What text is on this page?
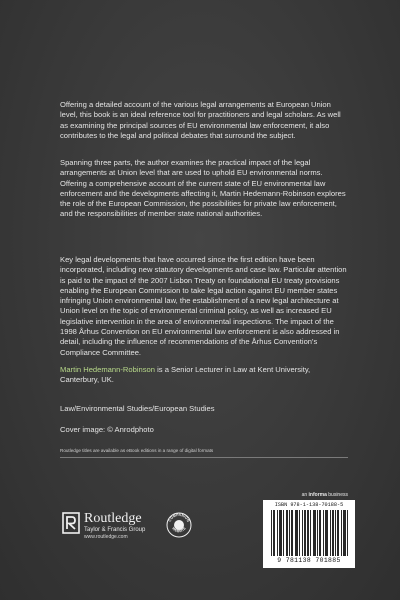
Offering a detailed account of the various legal arrangements at European Union level, this book is an ideal reference tool for practitioners and legal scholars. As well as examining the principal sources of EU environmental law enforcement, it also contributes to the legal and political debates that surround the subject.
Spanning three parts, the author examines the practical impact of the legal arrangements at Union level that are used to uphold EU environmental norms. Offering a comprehensive account of the current state of EU environmental law enforcement and the developments affecting it, Martin Hedemann-Robinson explores the role of the European Commission, the possibilities for private law enforcement, and the responsibilities of member state national authorities.
Key legal developments that have occurred since the first edition have been incorporated, including new statutory developments and case law. Particular attention is paid to the impact of the 2007 Lisbon Treaty on foundational EU treaty provisions enabling the European Commission to take legal action against EU member states infringing Union environmental law, the establishment of a new legal architecture at Union level on the topic of environmental criminal policy, as well as increased EU legislative intervention in the area of environmental inspections. The impact of the 1998 Århus Convention on EU environmental law enforcement is also addressed in detail, including the influence of recommendations of the Århus Convention's Compliance Committee.
Martin Hedemann-Robinson is a Senior Lecturer in Law at Kent University, Canterbury, UK.
Law/Environmental Studies/European Studies
Cover image: © Anrodphoto
Routledge titles are available as eBook editions in a range of digital formats
an informa business
Routledge
Taylor & Francis Group
www.routledge.com
COMPANION
WEBSITE
ISBN 978-1-138-70188-5
9 781138 701885
